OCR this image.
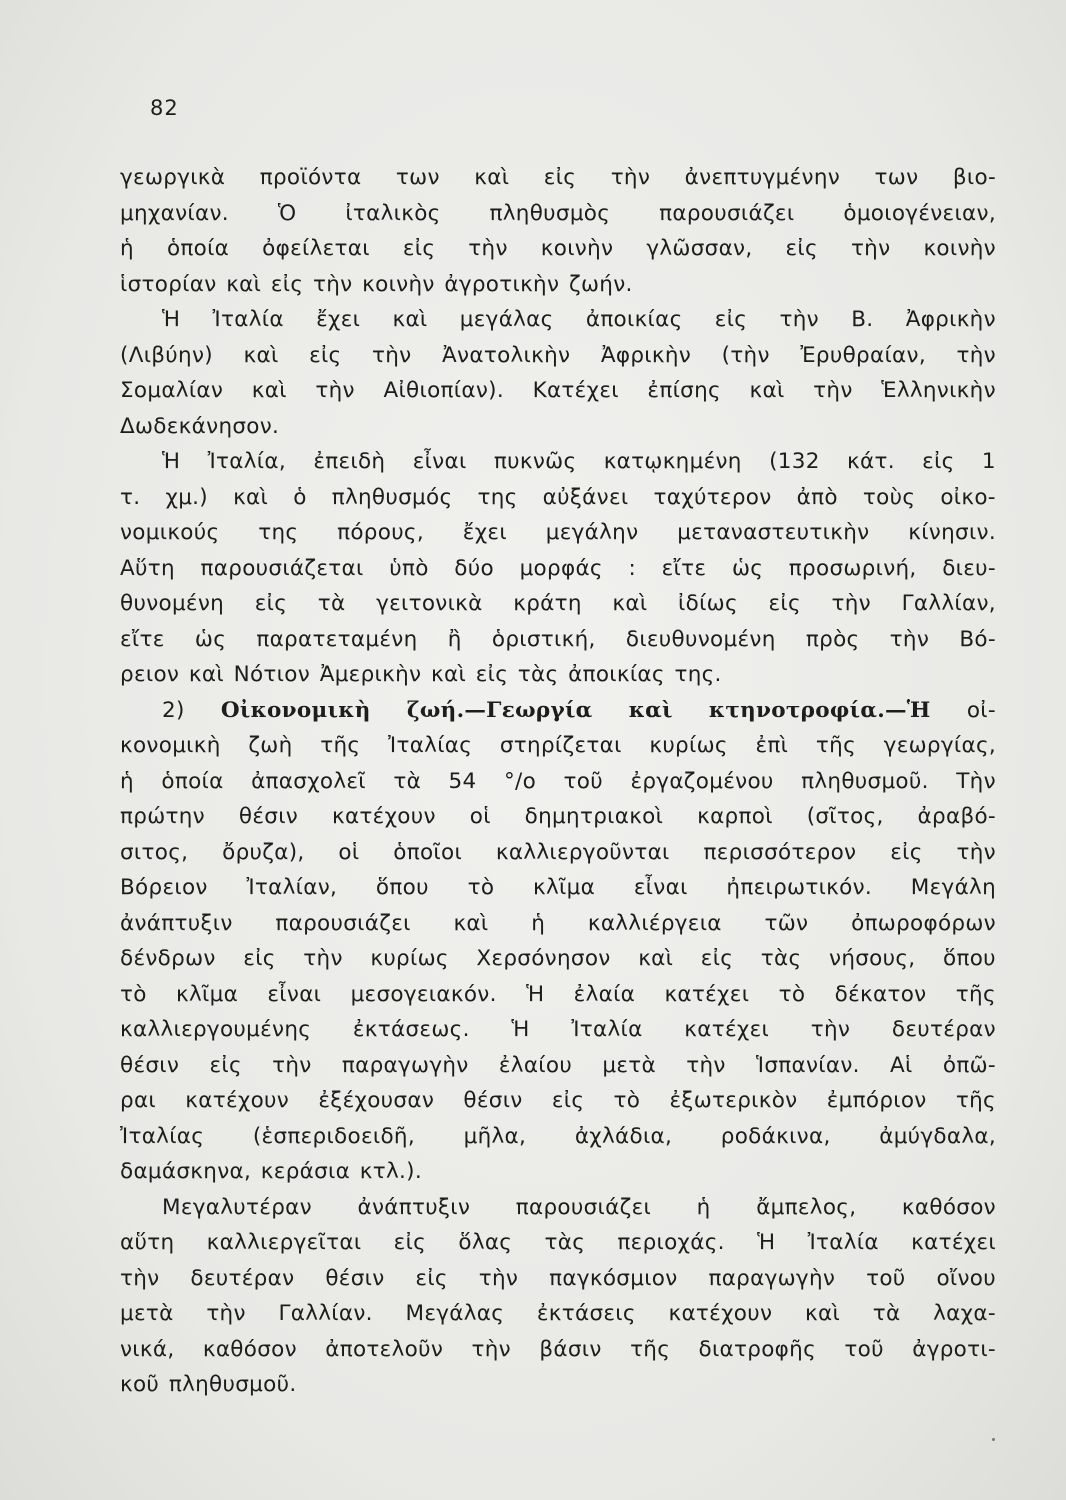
82
γεωργικὰ προϊόντα των καὶ εἰς τὴν ἀνεπτυγμένην των βιο-
μηχανίαν. Ὁ ἰταλικὸς πληθυσμὸς παρουσιάζει ὁμοιογένειαν,
ἡ ὁποία ὀφείλεται εἰς τὴν κοινὴν γλῶσσαν, εἰς τὴν κοινὴν
ἱστορίαν καὶ εἰς τὴν κοινὴν ἀγροτικὴν ζωήν.
Ἡ Ἰταλία ἔχει καὶ μεγάλας ἀποικίας εἰς τὴν Β. Ἀφρικὴν
(Λιβύην) καὶ εἰς τὴν Ἀνατολικὴν Ἀφρικὴν (τὴν Ἐρυθραίαν, τὴν
Σομαλίαν καὶ τὴν Αἰθιοπίαν). Κατέχει ἐπίσης καὶ τὴν Ἑλληνικὴν
Δωδεκάνησον.
Ἡ Ἰταλία, ἐπειδὴ εἶναι πυκνῶς κατῳκημένη (132 κάτ. εἰς 1
τ. χμ.) καὶ ὁ πληθυσμός της αὐξάνει ταχύτερον ἀπὸ τοὺς οἰκο-
νομικούς της πόρους, ἔχει μεγάλην μεταναστευτικὴν κίνησιν.
Αὕτη παρουσιάζεται ὑπὸ δύο μορφάς : εἴτε ὡς προσωρινή, διευ-
θυνομένη εἰς τὰ γειτονικὰ κράτη καὶ ἰδίως εἰς τὴν Γαλλίαν,
εἴτε ὡς παρατεταμένη ἢ ὁριστική, διευθυνομένη πρὸς τὴν Βό-
ρειον καὶ Νότιον Ἀμερικὴν καὶ εἰς τὰς ἀποικίας της.
2) Οἰκονομικὴ ζωή.—Γεωργία καὶ κτηνοτροφία.—Ἡ οἰ-
κονομικὴ ζωὴ τῆς Ἰταλίας στηρίζεται κυρίως ἐπὶ τῆς γεωργίας,
ἡ ὁποία ἀπασχολεῖ τὰ 54 °/ο τοῦ ἐργαζομένου πληθυσμοῦ. Τὴν
πρώτην θέσιν κατέχουν οἱ δημητριακοὶ καρποὶ (σῖτος, ἀραβό-
σιτος, ὄρυζα), οἱ ὁποῖοι καλλιεργοῦνται περισσότερον εἰς τὴν
Βόρειον Ἰταλίαν, ὅπου τὸ κλῖμα εἶναι ἠπειρωτικόν. Μεγάλη
ἀνάπτυξιν παρουσιάζει καὶ ἡ καλλιέργεια τῶν ὀπωροφόρων
δένδρων εἰς τὴν κυρίως Χερσόνησον καὶ εἰς τὰς νήσους, ὅπου
τὸ κλῖμα εἶναι μεσογειακόν. Ἡ ἐλαία κατέχει τὸ δέκατον τῆς
καλλιεργουμένης ἐκτάσεως. Ἡ Ἰταλία κατέχει τὴν δευτέραν
θέσιν εἰς τὴν παραγωγὴν ἐλαίου μετὰ τὴν Ἱσπανίαν. Αἱ ὀπῶ-
ραι κατέχουν ἐξέχουσαν θέσιν εἰς τὸ ἐξωτερικὸν ἐμπόριον τῆς
Ἰταλίας (ἑσπεριδοειδῆ, μῆλα, ἀχλάδια, ροδάκινα, ἀμύγδαλα,
δαμάσκηνα, κεράσια κτλ.).
Μεγαλυτέραν ἀνάπτυξιν παρουσιάζει ἡ ἄμπελος, καθόσον
αὕτη καλλιεργεῖται εἰς ὅλας τὰς περιοχάς. Ἡ Ἰταλία κατέχει
τὴν δευτέραν θέσιν εἰς τὴν παγκόσμιον παραγωγὴν τοῦ οἴνου
μετὰ τὴν Γαλλίαν. Μεγάλας ἐκτάσεις κατέχουν καὶ τὰ λαχα-
νικά, καθόσον ἀποτελοῦν τὴν βάσιν τῆς διατροφῆς τοῦ ἀγροτι-
κοῦ πληθυσμοῦ.
